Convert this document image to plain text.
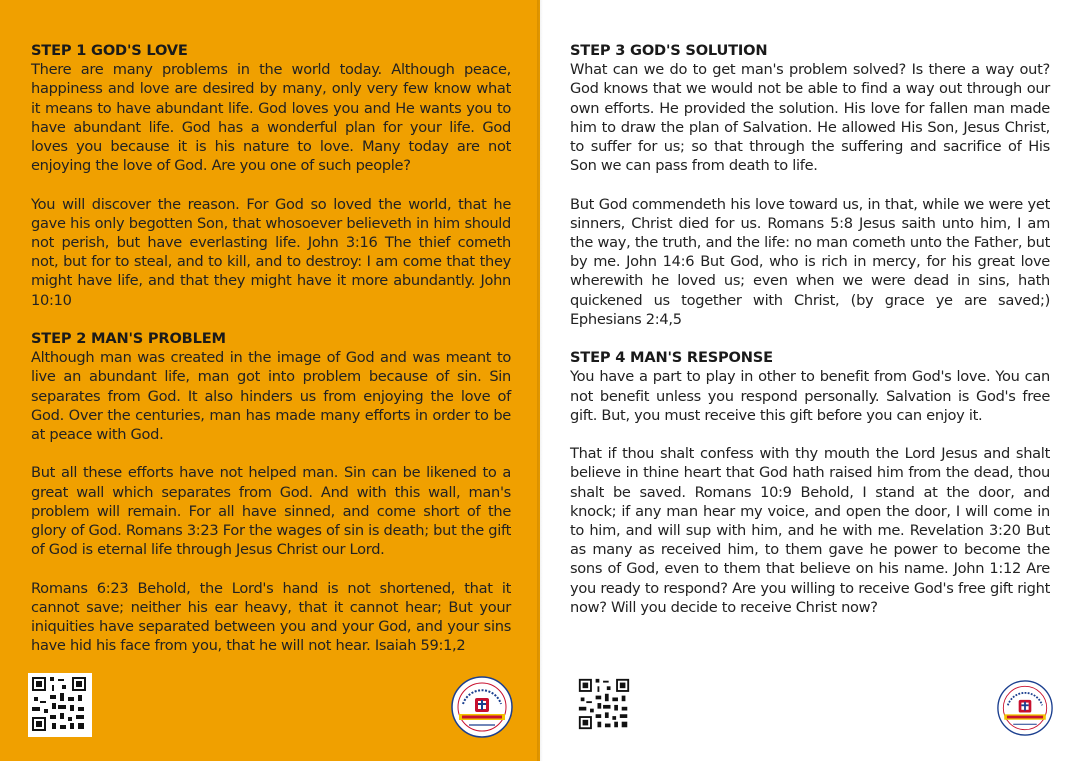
STEP 1 GOD'S LOVE

There are many problems in the world today. Although peace, happiness and love are desired by many, only very few know what it means to have abundant life. God loves you and He wants you to have abundant life. God has a wonderful plan for your life. God loves you because it is his nature to love. Many today are not enjoying the love of God. Are you one of such people?

You will discover the reason. For God so loved the world, that he gave his only begotten Son, that whosoever believeth in him should not perish, but have everlasting life. John 3:16 The thief cometh not, but for to steal, and to kill, and to destroy: I am come that they might have life, and that they might have it more abundantly. John 10:10

STEP 2 MAN'S PROBLEM

Although man was created in the image of God and was meant to live an abundant life, man got into problem because of sin. Sin separates from God. It also hinders us from enjoying the love of God. Over the centuries, man has made many efforts in order to be at peace with God.

But all these efforts have not helped man. Sin can be likened to a great wall which separates from God. And with this wall, man's problem will remain. For all have sinned, and come short of the glory of God. Romans 3:23 For the wages of sin is death; but the gift of God is eternal life through Jesus Christ our Lord.

Romans 6:23 Behold, the Lord's hand is not shortened, that it cannot save; neither his ear heavy, that it cannot hear; But your iniquities have separated between you and your God, and your sins have hid his face from you, that he will not hear. Isaiah 59:1,2

STEP 3 GOD'S SOLUTION

What can we do to get man's problem solved? Is there a way out? God knows that we would not be able to find a way out through our own efforts. He provided the solution. His love for fallen man made him to draw the plan of Salvation. He allowed His Son, Jesus Christ, to suffer for us; so that through the suffering and sacrifice of His Son we can pass from death to life.

But God commendeth his love toward us, in that, while we were yet sinners, Christ died for us. Romans 5:8 Jesus saith unto him, I am the way, the truth, and the life: no man cometh unto the Father, but by me. John 14:6 But God, who is rich in mercy, for his great love wherewith he loved us; even when we were dead in sins, hath quickened us together with Christ, (by grace ye are saved;) Ephesians 2:4,5

STEP 4 MAN'S RESPONSE

You have a part to play in other to benefit from God's love. You can not benefit unless you respond personally. Salvation is God's free gift. But, you must receive this gift before you can enjoy it.

That if thou shalt confess with thy mouth the Lord Jesus and shalt believe in thine heart that God hath raised him from the dead, thou shalt be saved. Romans 10:9 Behold, I stand at the door, and knock; if any man hear my voice, and open the door, I will come in to him, and will sup with him, and he with me. Revelation 3:20 But as many as received him, to them gave he power to become the sons of God, even to them that believe on his name. John 1:12 Are you ready to respond? Are you willing to receive God's free gift right now? Will you decide to receive Christ now?
